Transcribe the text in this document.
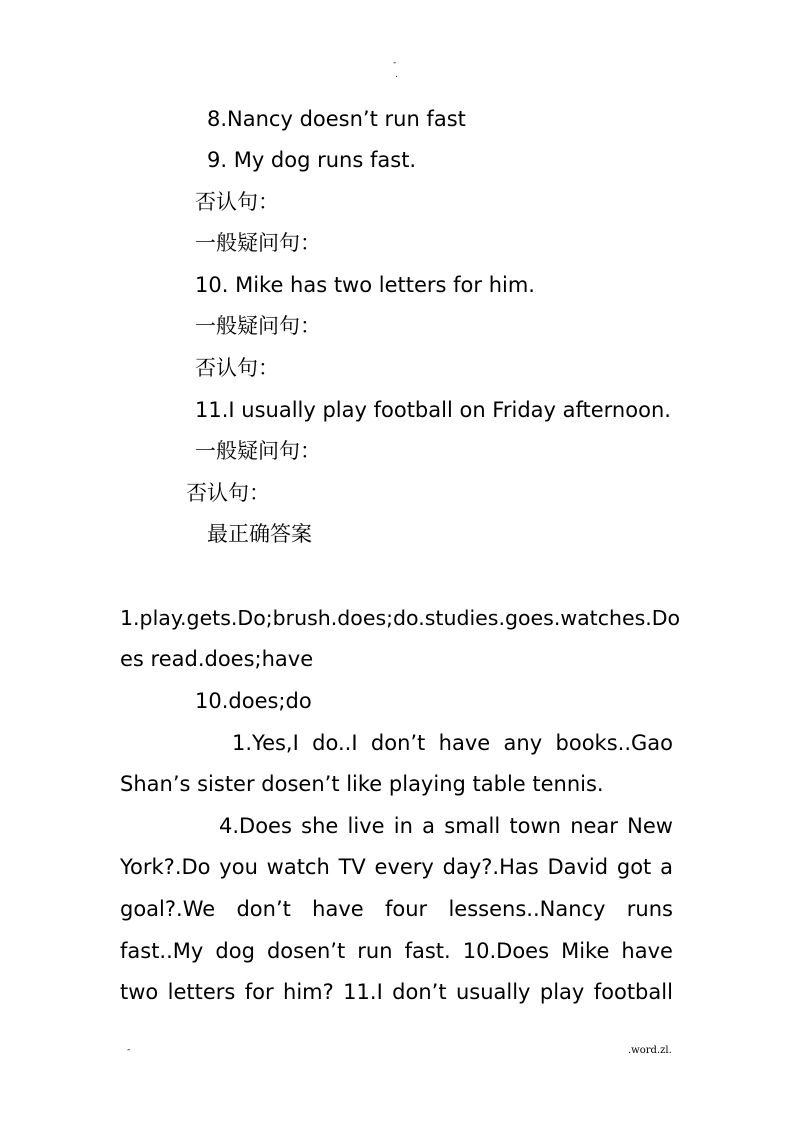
-
.
8.Nancy doesn’t run fast
9. My dog runs fast.
否认句：
一般疑问句：
10. Mike has two letters for him.
一般疑问句：
否认句：
11.I usually play football on Friday afternoon.
一般疑问句：
否认句：
最正确答案
1.play.gets.Do;brush.does;do.studies.goes.watches.Do
es read.does;have
10.does;do
1.Yes,I do..I don’t have any books..Gao
Shan’s sister dosen’t like playing table tennis.
4.Does she live in a small town near New
York?.Do you watch TV every day?.Has David got a
goal?.We don’t have four lessens..Nancy runs
fast..My dog dosen’t run fast. 10.Does Mike have
two letters for him? 11.I don’t usually play football
-	.word.zl.
